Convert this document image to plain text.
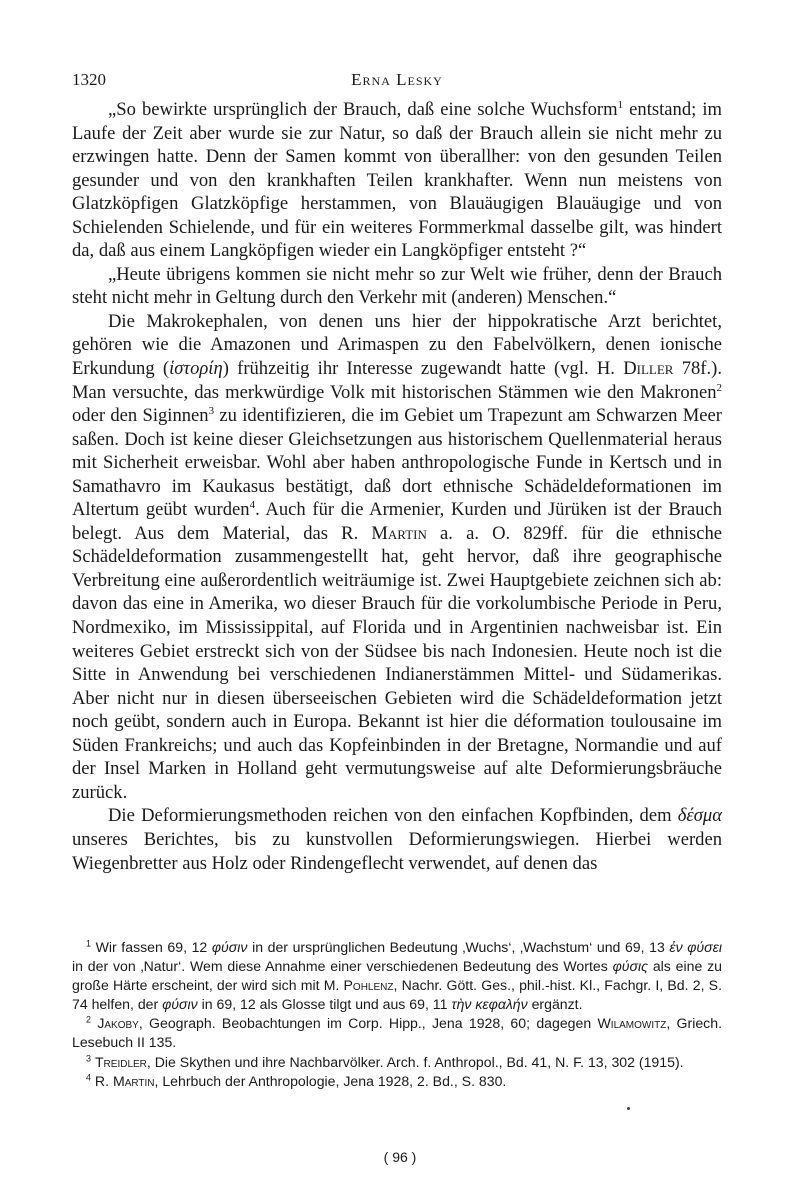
1320	Erna Lesky

„So bewirkte ursprünglich der Brauch, daß eine solche Wuchsform$^1$ entstand; im Laufe der Zeit aber wurde sie zur Natur, so daß der Brauch allein sie nicht mehr zu erzwingen hatte. Denn der Samen kommt von überallher: von den gesunden Teilen gesunder und von den krankhaften Teilen krankhafter. Wenn nun meistens von Glatzköpfigen Glatzköpfige herstammen, von Blauäugigen Blauäugige und von Schielenden Schielende, und für ein weiteres Formmerkmal dasselbe gilt, was hindert da, daß aus einem Langköpfigen wieder ein Langköpfiger entsteht ?“

„Heute übrigens kommen sie nicht mehr so zur Welt wie früher, denn der Brauch steht nicht mehr in Geltung durch den Verkehr mit (anderen) Menschen.“

Die Makrokephalen, von denen uns hier der hippokratische Arzt berichtet, gehören wie die Amazonen und Arimaspen zu den Fabelvölkern, denen ionische Erkundung (ἱστορίη) frühzeitig ihr Interesse zugewandt hatte (vgl. H. Diller 78f.). Man versuchte, das merkwürdige Volk mit historischen Stämmen wie den Makronen$^2$ oder den Siginnen$^3$ zu identifizieren, die im Gebiet um Trapezunt am Schwarzen Meer saßen. Doch ist keine dieser Gleichsetzungen aus historischem Quellenmaterial heraus mit Sicherheit erweisbar. Wohl aber haben anthropologische Funde in Kertsch und in Samathavro im Kaukasus bestätigt, daß dort ethnische Schädeldeformationen im Altertum geübt wurden$^4$. Auch für die Armenier, Kurden und Jürüken ist der Brauch belegt. Aus dem Material, das R. Martin a. a. O. 829ff. für die ethnische Schädeldeformation zusammengestellt hat, geht hervor, daß ihre geographische Verbreitung eine außerordentlich weiträumige ist. Zwei Hauptgebiete zeichnen sich ab: davon das eine in Amerika, wo dieser Brauch für die vorkolumbische Periode in Peru, Nordmexiko, im Mississippital, auf Florida und in Argentinien nachweisbar ist. Ein weiteres Gebiet erstreckt sich von der Südsee bis nach Indonesien. Heute noch ist die Sitte in Anwendung bei verschiedenen Indianerstämmen Mittel- und Südamerikas. Aber nicht nur in diesen überseeischen Gebieten wird die Schädeldeformation jetzt noch geübt, sondern auch in Europa. Bekannt ist hier die déformation toulousaine im Süden Frankreichs; und auch das Kopfeinbinden in der Bretagne, Normandie und auf der Insel Marken in Holland geht vermutungsweise auf alte Deformierungsbräuche zurück.

Die Deformierungsmethoden reichen von den einfachen Kopfbinden, dem δέσμα unseres Berichtes, bis zu kunstvollen Deformierungswiegen. Hierbei werden Wiegenbretter aus Holz oder Rindengeflecht verwendet, auf denen das

$^1$ Wir fassen 69, 12 φύσιν in der ursprünglichen Bedeutung ‚Wuchs‘, ‚Wachstum‘ und 69, 13 ἐν φύσει in der von ‚Natur‘. Wem diese Annahme einer verschiedenen Bedeutung des Wortes φύσις als eine zu große Härte erscheint, der wird sich mit M. Pohlenz, Nachr. Gött. Ges., phil.-hist. Kl., Fachgr. I, Bd. 2, S. 74 helfen, der φύσιν in 69, 12 als Glosse tilgt und aus 69, 11 τὴν κεφαλήν ergänzt.

$^2$ Jakoby, Geograph. Beobachtungen im Corp. Hipp., Jena 1928, 60; dagegen Wilamowitz, Griech. Lesebuch II 135.

$^3$ Treidler, Die Skythen und ihre Nachbarvölker. Arch. f. Anthropol., Bd. 41, N. F. 13, 302 (1915).

$^4$ R. Martin, Lehrbuch der Anthropologie, Jena 1928, 2. Bd., S. 830.

( 96 )
